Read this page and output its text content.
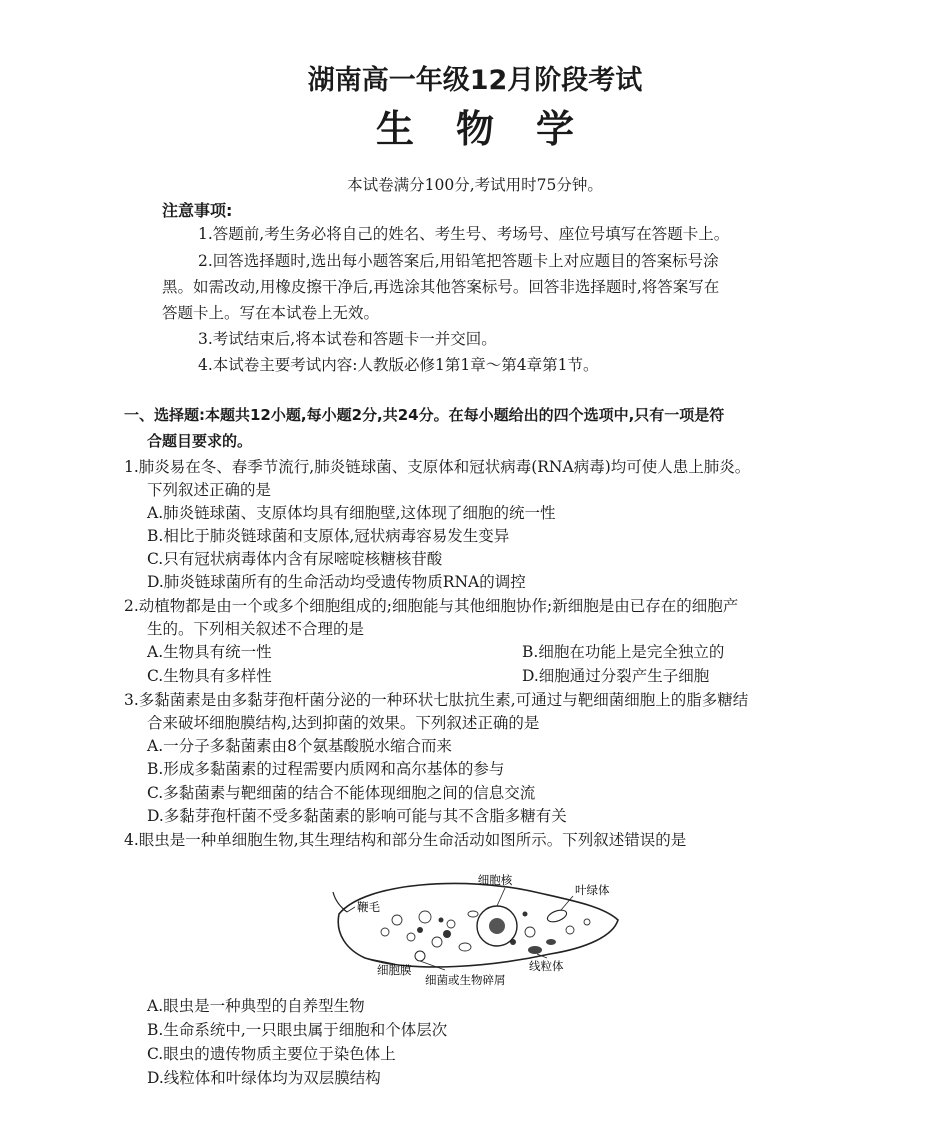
湖南高一年级12月阶段考试
生物学
本试卷满分100分,考试用时75分钟。
注意事项:
1.答题前,考生务必将自己的姓名、考生号、考场号、座位号填写在答题卡上。
2.回答选择题时,选出每小题答案后,用铅笔把答题卡上对应题目的答案标号涂
黑。如需改动,用橡皮擦干净后,再选涂其他答案标号。回答非选择题时,将答案写在
答题卡上。写在本试卷上无效。
3.考试结束后,将本试卷和答题卡一并交回。
4.本试卷主要考试内容:人教版必修1第1章～第4章第1节。
一、选择题:本题共12小题,每小题2分,共24分。在每小题给出的四个选项中,只有一项是符
合题目要求的。
1.肺炎易在冬、春季节流行,肺炎链球菌、支原体和冠状病毒(RNA病毒)均可使人患上肺炎。
下列叙述正确的是
A.肺炎链球菌、支原体均具有细胞壁,这体现了细胞的统一性
B.相比于肺炎链球菌和支原体,冠状病毒容易发生变异
C.只有冠状病毒体内含有尿嘧啶核糖核苷酸
D.肺炎链球菌所有的生命活动均受遗传物质RNA的调控
2.动植物都是由一个或多个细胞组成的;细胞能与其他细胞协作;新细胞是由已存在的细胞产
生的。下列相关叙述不合理的是
A.生物具有统一性	B.细胞在功能上是完全独立的
C.生物具有多样性	D.细胞通过分裂产生子细胞
3.多黏菌素是由多黏芽孢杆菌分泌的一种环状七肽抗生素,可通过与靶细菌细胞上的脂多糖结
合来破坏细胞膜结构,达到抑菌的效果。下列叙述正确的是
A.一分子多黏菌素由8个氨基酸脱水缩合而来
B.形成多黏菌素的过程需要内质网和高尔基体的参与
C.多黏菌素与靶细菌的结合不能体现细胞之间的信息交流
D.多黏芽孢杆菌不受多黏菌素的影响可能与其不含脂多糖有关
4.眼虫是一种单细胞生物,其生理结构和部分生命活动如图所示。下列叙述错误的是
细胞核
叶绿体
鞭毛
细胞膜
细菌或生物碎屑
线粒体
A.眼虫是一种典型的自养型生物
B.生命系统中,一只眼虫属于细胞和个体层次
C.眼虫的遗传物质主要位于染色体上
D.线粒体和叶绿体均为双层膜结构
